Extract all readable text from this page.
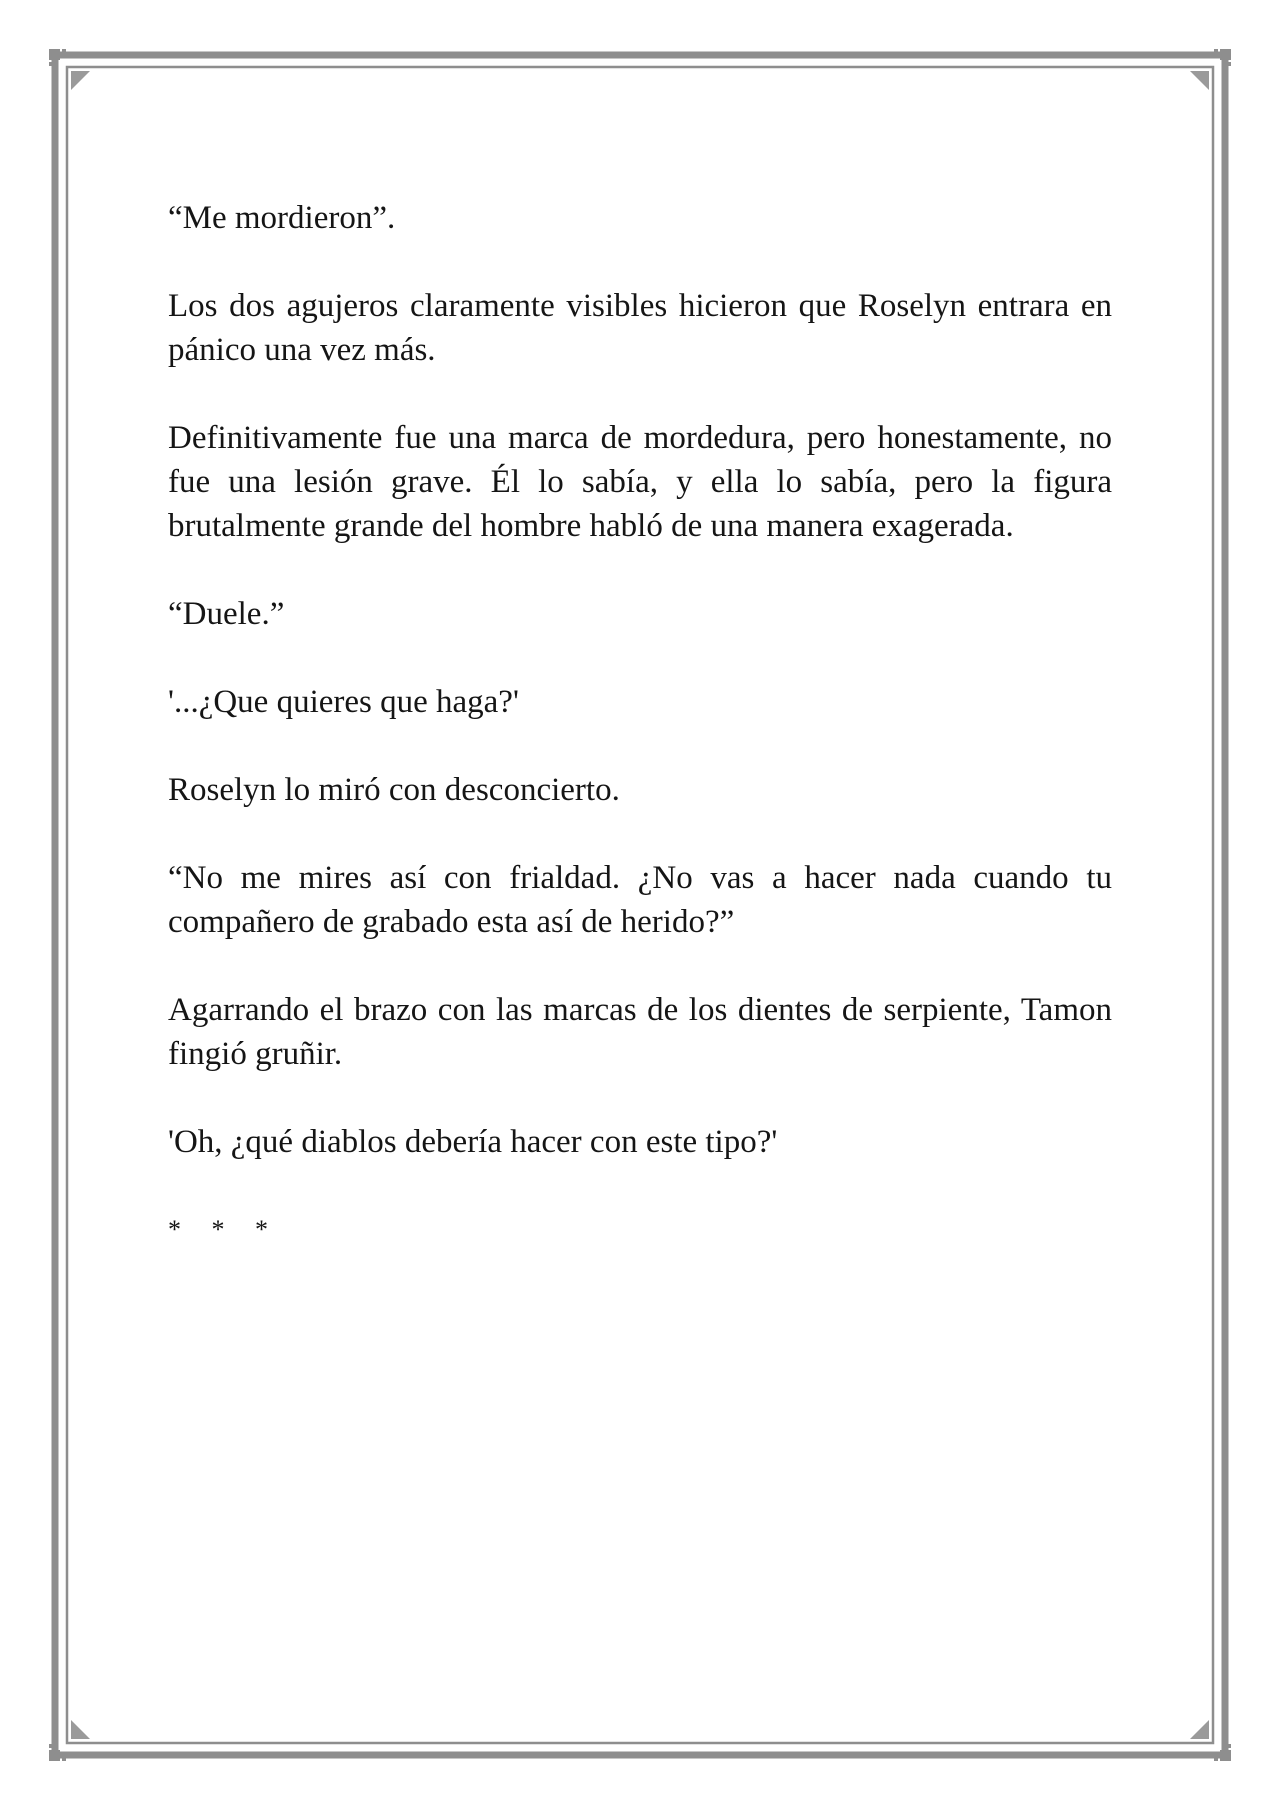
“Me mordieron”.

Los dos agujeros claramente visibles hicieron que Roselyn entrara en pánico una vez más.

Definitivamente fue una marca de mordedura, pero honestamente, no fue una lesión grave. Él lo sabía, y ella lo sabía, pero la figura brutalmente grande del hombre habló de una manera exagerada.

“Duele.”

'...¿Que quieres que haga?'

Roselyn lo miró con desconcierto.

“No me mires así con frialdad. ¿No vas a hacer nada cuando tu compañero de grabado esta así de herido?”

Agarrando el brazo con las marcas de los dientes de serpiente, Tamon fingió gruñir.

'Oh, ¿qué diablos debería hacer con este tipo?'

* * *
